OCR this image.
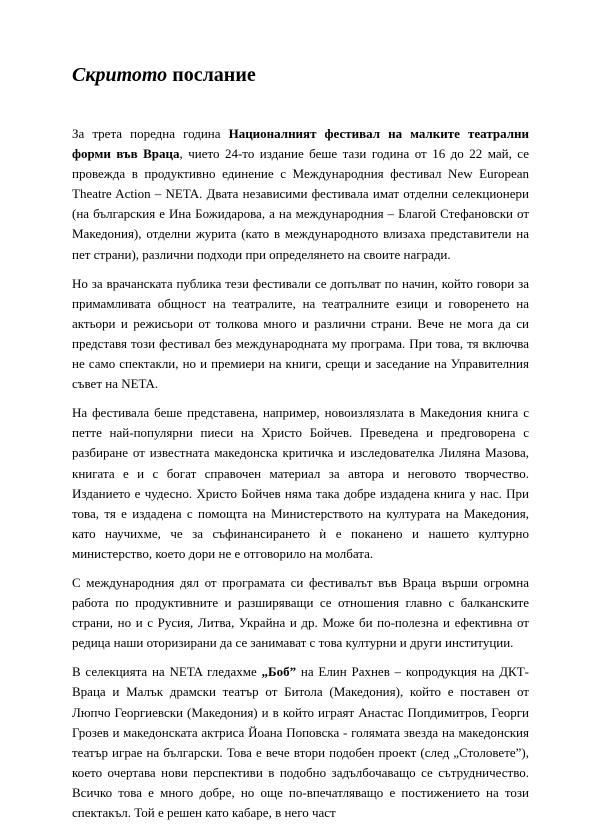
Скритото послание

За трета поредна година Националният фестивал на малките театрални форми във Враца, чието 24-то издание беше тази година от 16 до 22 май, се провежда в продуктивно единение с Международния фестивал New European Theatre Action – NETA. Двата независими фестивала имат отделни селекционери (на българския е Ина Божидарова, а на международния – Благой Стефановски от Македония), отделни журита (като в международното влизаха представители на пет страни), различни подходи при определянето на своите награди.

Но за врачанската публика тези фестивали се допълват по начин, който говори за примамливата общност на театралите, на театралните езици и говоренето на актьори и режисьори от толкова много и различни страни. Вече не мога да си представя този фестивал без международната му програма. При това, тя включва не само спектакли, но и премиери на книги, срещи и заседание на Управителния съвет на NETA.

На фестивала беше представена, например, новоизлязлата в Македония книга с петте най-популярни пиеси на Христо Бойчев. Преведена и предговорена с разбиране от известната македонска критичка и изследователка Лиляна Мазова, книгата е и с богат справочен материал за автора и неговото творчество. Изданието е чудесно. Христо Бойчев няма така добре издадена книга у нас. При това, тя е издадена с помощта на Министерството на културата на Македония, като научихме, че за съфинансирането ѝ е поканено и нашето културно министерство, което дори не е отговорило на молбата.

С международния дял от програмата си фестивалът във Враца върши огромна работа по продуктивните и разширяващи се отношения главно с балканските страни, но и с Русия, Литва, Украйна и др. Може би по-полезна и ефективна от редица наши оторизирани да се занимават с това културни и други институции.

В селекцията на NETA гледахме „Боб” на Елин Рахнев – копродукция на ДКТ-Враца и Малък драмски театър от Битола (Македония), който е поставен от Люпчо Георгиевски (Македония) и в който играят Анастас Попдимитров, Георги Грозев и македонската актриса Йоана Поповска - голямата звезда на македонския театър играе на български. Това е вече втори подобен проект (след „Столовете”), което очертава нови перспективи в подобно задълбочаващо се сътрудничество. Всичко това е много добре, но още по-впечатляващо е постижението на този спектакъл. Той е решен като кабаре, в него част
